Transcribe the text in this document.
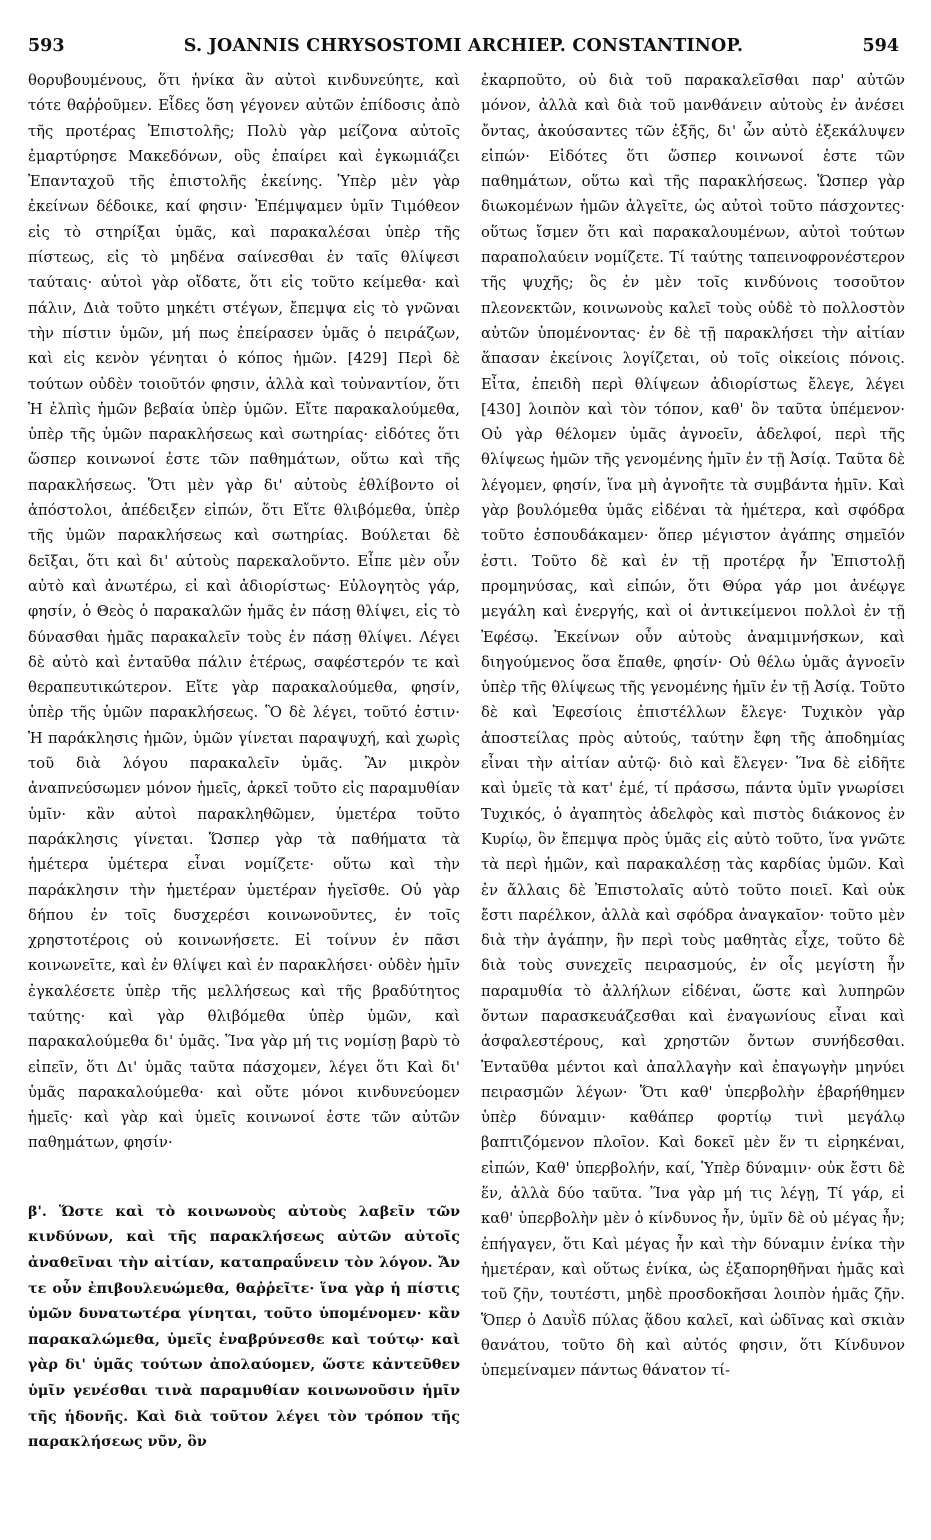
593	S. JOANNIS CHRYSOSTOMI ARCHIEP. CONSTANTINOP.	594

θορυβουμένους, ὅτι ἡνίκα ἂν αὐτοὶ κινδυνεύητε, καὶ τότε θαῤῥοῦμεν. Εἶδες ὅση γέγονεν αὐτῶν ἐπίδοσις ἀπὸ τῆς προτέρας Ἐπιστολῆς; Πολὺ γὰρ μείζονα αὐτοῖς ἐμαρτύρησε Μακεδόνων, οὓς ἐπαίρει καὶ ἐγκωμιάζει Ἐπανταχοῦ τῆς ἐπιστολῆς ἐκείνης. Ὑπὲρ μὲν γὰρ ἐκείνων δέδοικε, καί φησιν· Ἐπέμψαμεν ὑμῖν Τιμόθεον εἰς τὸ στηρίξαι ὑμᾶς, καὶ παρακαλέσαι ὑπὲρ τῆς πίστεως, εἰς τὸ μηδένα σαίνεσθαι ἐν ταῖς θλίψεσι ταύταις· αὐτοὶ γὰρ οἴδατε, ὅτι εἰς τοῦτο κείμεθα· καὶ πάλιν, Διὰ τοῦτο μηκέτι στέγων, ἔπεμψα εἰς τὸ γνῶναι τὴν πίστιν ὑμῶν, μή πως ἐπείρασεν ὑμᾶς ὁ πειράζων, καὶ εἰς κενὸν γένηται ὁ κόπος ἡμῶν. [429] Περὶ δὲ τούτων οὐδὲν τοιοῦτόν φησιν, ἀλλὰ καὶ τοὐναντίον, ὅτι Ἡ ἐλπὶς ἡμῶν βεβαία ὑπὲρ ὑμῶν. Εἴτε παρακαλούμεθα, ὑπὲρ τῆς ὑμῶν παρακλήσεως καὶ σωτηρίας· εἰδότες ὅτι ὥσπερ κοινωνοί ἐστε τῶν παθημάτων, οὕτω καὶ τῆς παρακλήσεως. Ὅτι μὲν γὰρ δι' αὐτοὺς ἐθλίβοντο οἱ ἀπόστολοι, ἀπέδειξεν εἰπών, ὅτι Εἴτε θλιβόμεθα, ὑπὲρ τῆς ὑμῶν παρακλήσεως καὶ σωτηρίας. Βούλεται δὲ δεῖξαι, ὅτι καὶ δι' αὐτοὺς παρεκαλοῦντο. Εἶπε μὲν οὖν αὐτὸ καὶ ἀνωτέρω, εἰ καὶ ἀδιορίστως· Εὐλογητὸς γάρ, φησίν, ὁ Θεὸς ὁ παρακαλῶν ἡμᾶς ἐν πάσῃ θλίψει, εἰς τὸ δύνασθαι ἡμᾶς παρακαλεῖν τοὺς ἐν πάσῃ θλίψει. Λέγει δὲ αὐτὸ καὶ ἐνταῦθα πάλιν ἑτέρως, σαφέστερόν τε καὶ θεραπευτικώτερον. Εἴτε γὰρ παρακαλούμεθα, φησίν, ὑπὲρ τῆς ὑμῶν παρακλήσεως. Ὃ δὲ λέγει, τοῦτό ἐστιν· Ἡ παράκλησις ἡμῶν, ὑμῶν γίνεται παραψυχή, καὶ χωρὶς τοῦ διὰ λόγου παρακαλεῖν ὑμᾶς. Ἂν μικρὸν ἀναπνεύσωμεν μόνον ἡμεῖς, ἀρκεῖ τοῦτο εἰς παραμυθίαν ὑμῖν· κἂν αὐτοὶ παρακληθῶμεν, ὑμετέρα τοῦτο παράκλησις γίνεται. Ὥσπερ γὰρ τὰ παθήματα τὰ ἡμέτερα ὑμέτερα εἶναι νομίζετε· οὕτω καὶ τὴν παράκλησιν τὴν ἡμετέραν ὑμετέραν ἡγεῖσθε. Οὐ γὰρ δήπου ἐν τοῖς δυσχερέσι κοινωνοῦντες, ἐν τοῖς χρηστοτέροις οὐ κοινωνήσετε. Εἰ τοίνυν ἐν πᾶσι κοινωνεῖτε, καὶ ἐν θλίψει καὶ ἐν παρακλήσει· οὐδὲν ἡμῖν ἐγκαλέσετε ὑπὲρ τῆς μελλήσεως καὶ τῆς βραδύτητος ταύτης· καὶ γὰρ θλιβόμεθα ὑπὲρ ὑμῶν, καὶ παρακαλούμεθα δι' ὑμᾶς. Ἵνα γὰρ μή τις νομίσῃ βαρὺ τὸ εἰπεῖν, ὅτι Δι' ὑμᾶς ταῦτα πάσχομεν, λέγει ὅτι Καὶ δι' ὑμᾶς παρακαλούμεθα· καὶ οὔτε μόνοι κινδυνεύομεν ἡμεῖς· καὶ γὰρ καὶ ὑμεῖς κοινωνοί ἐστε τῶν αὐτῶν παθημάτων, φησίν·

β'. Ὥστε καὶ τὸ κοινωνοὺς αὐτοὺς λαβεῖν τῶν κινδύνων, καὶ τῆς παρακλήσεως αὐτῶν αὐτοῖς ἀναθεῖναι τὴν αἰτίαν, καταπραΰνειν τὸν λόγον. Ἄν τε οὖν ἐπιβουλευώμεθα, θαῤῥεῖτε· ἵνα γὰρ ἡ πίστις ὑμῶν δυνατωτέρα γίνηται, τοῦτο ὑπομένομεν· κἂν παρακαλώμεθα, ὑμεῖς ἐναβρύνεσθε καὶ τούτῳ· καὶ γὰρ δι' ὑμᾶς τούτων ἀπολαύομεν, ὥστε κἀντεῦθεν ὑμῖν γενέσθαι τινὰ παραμυθίαν κοινωνοῦσιν ἡμῖν τῆς ἡδονῆς. Καὶ διὰ τοῦτον λέγει τὸν τρόπον τῆς παρακλήσεως νῦν, ὃν

ἐκαρποῦτο, οὐ διὰ τοῦ παρακαλεῖσθαι παρ' αὐτῶν μόνον, ἀλλὰ καὶ διὰ τοῦ μανθάνειν αὐτοὺς ἐν ἀνέσει ὄντας, ἀκούσαντες τῶν ἑξῆς, δι' ὧν αὐτὸ ἐξεκάλυψεν εἰπών· Εἰδότες ὅτι ὥσπερ κοινωνοί ἐστε τῶν παθημάτων, οὕτω καὶ τῆς παρακλήσεως. Ὥσπερ γὰρ διωκομένων ἡμῶν ἀλγεῖτε, ὡς αὐτοὶ τοῦτο πάσχοντες· οὕτως ἴσμεν ὅτι καὶ παρακαλουμένων, αὐτοὶ τούτων παραπολαύειν νομίζετε. Τί ταύτης ταπεινοφρονέστερον τῆς ψυχῆς; ὃς ἐν μὲν τοῖς κινδύνοις τοσοῦτον πλεονεκτῶν, κοινωνοὺς καλεῖ τοὺς οὐδὲ τὸ πολλοστὸν αὐτῶν ὑπομένοντας· ἐν δὲ τῇ παρακλήσει τὴν αἰτίαν ἅπασαν ἐκείνοις λογίζεται, οὐ τοῖς οἰκείοις πόνοις. Εἶτα, ἐπειδὴ περὶ θλίψεων ἀδιορίστως ἔλεγε, λέγει [430] λοιπὸν καὶ τὸν τόπον, καθ' ὃν ταῦτα ὑπέμενον· Οὐ γὰρ θέλομεν ὑμᾶς ἀγνοεῖν, ἀδελφοί, περὶ τῆς θλίψεως ἡμῶν τῆς γενομένης ἡμῖν ἐν τῇ Ἀσίᾳ. Ταῦτα δὲ λέγομεν, φησίν, ἵνα μὴ ἀγνοῆτε τὰ συμβάντα ἡμῖν. Καὶ γὰρ βουλόμεθα ὑμᾶς εἰδέναι τὰ ἡμέτερα, καὶ σφόδρα τοῦτο ἐσπουδάκαμεν· ὅπερ μέγιστον ἀγάπης σημεῖόν ἐστι. Τοῦτο δὲ καὶ ἐν τῇ προτέρᾳ ἦν Ἐπιστολῇ προμηνύσας, καὶ εἰπών, ὅτι Θύρα γάρ μοι ἀνέῳγε μεγάλη καὶ ἐνεργής, καὶ οἱ ἀντικείμενοι πολλοὶ ἐν τῇ Ἐφέσῳ. Ἐκείνων οὖν αὐτοὺς ἀναμιμνήσκων, καὶ διηγούμενος ὅσα ἔπαθε, φησίν· Οὐ θέλω ὑμᾶς ἀγνοεῖν ὑπὲρ τῆς θλίψεως τῆς γενομένης ἡμῖν ἐν τῇ Ἀσίᾳ. Τοῦτο δὲ καὶ Ἐφεσίοις ἐπιστέλλων ἔλεγε· Τυχικὸν γὰρ ἀποστείλας πρὸς αὐτούς, ταύτην ἔφη τῆς ἀποδημίας εἶναι τὴν αἰτίαν αὐτῷ· διὸ καὶ ἔλεγεν· Ἵνα δὲ εἰδῆτε καὶ ὑμεῖς τὰ κατ' ἐμέ, τί πράσσω, πάντα ὑμῖν γνωρίσει Τυχικός, ὁ ἀγαπητὸς ἀδελφὸς καὶ πιστὸς διάκονος ἐν Κυρίῳ, ὃν ἔπεμψα πρὸς ὑμᾶς εἰς αὐτὸ τοῦτο, ἵνα γνῶτε τὰ περὶ ἡμῶν, καὶ παρακαλέσῃ τὰς καρδίας ὑμῶν. Καὶ ἐν ἄλλαις δὲ Ἐπιστολαῖς αὐτὸ τοῦτο ποιεῖ. Καὶ οὐκ ἔστι παρέλκον, ἀλλὰ καὶ σφόδρα ἀναγκαῖον· τοῦτο μὲν διὰ τὴν ἀγάπην, ἣν περὶ τοὺς μαθητὰς εἶχε, τοῦτο δὲ διὰ τοὺς συνεχεῖς πειρασμούς, ἐν οἷς μεγίστη ἦν παραμυθία τὸ ἀλλήλων εἰδέναι, ὥστε καὶ λυπηρῶν ὄντων παρασκευάζεσθαι καὶ ἐναγωνίους εἶναι καὶ ἀσφαλεστέρους, καὶ χρηστῶν ὄντων συνήδεσθαι. Ἐνταῦθα μέντοι καὶ ἀπαλλαγὴν καὶ ἐπαγωγὴν μηνύει πειρασμῶν λέγων· Ὅτι καθ' ὑπερβολὴν ἐβαρήθημεν ὑπὲρ δύναμιν· καθάπερ φορτίῳ τινὶ μεγάλῳ βαπτιζόμενον πλοῖον. Καὶ δοκεῖ μὲν ἕν τι εἰρηκέναι, εἰπών, Καθ' ὑπερβολήν, καί, Ὑπὲρ δύναμιν· οὐκ ἔστι δὲ ἕν, ἀλλὰ δύο ταῦτα. Ἵνα γὰρ μή τις λέγῃ, Τί γάρ, εἰ καθ' ὑπερβολὴν μὲν ὁ κίνδυνος ἦν, ὑμῖν δὲ οὐ μέγας ἦν; ἐπήγαγεν, ὅτι Καὶ μέγας ἦν καὶ τὴν δύναμιν ἐνίκα τὴν ἡμετέραν, καὶ οὕτως ἐνίκα, ὡς ἐξαπορηθῆναι ἡμᾶς καὶ τοῦ ζῆν, τουτέστι, μηδὲ προσδοκῆσαι λοιπὸν ἡμᾶς ζῆν. Ὅπερ ὁ Δαυῒδ πύλας ᾅδου καλεῖ, καὶ ὠδῖνας καὶ σκιὰν θανάτου, τοῦτο δὴ καὶ αὐτός φησιν, ὅτι Κίνδυνον ὑπεμείναμεν πάντως θάνατον τί-
